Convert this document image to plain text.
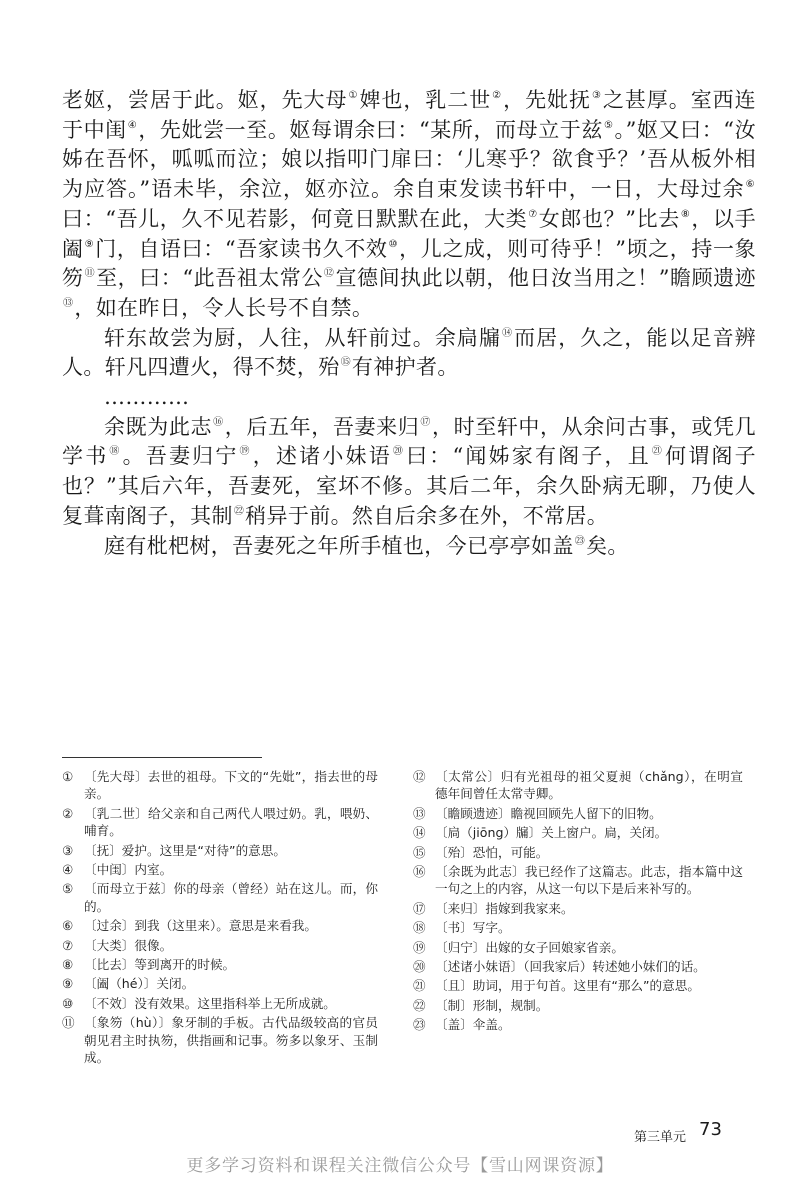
老妪，尝居于此。妪，先大母①婢也，乳二世②，先妣抚③之甚厚。室西连于中闺④，先妣尝一至。妪每谓余曰：“某所，而母立于兹⑤。”妪又曰：“汝姊在吾怀，呱呱而泣；娘以指叩门扉曰：‘儿寒乎？欲食乎？’吾从板外相为应答。”语未毕，余泣，妪亦泣。余自束发读书轩中，一日，大母过余⑥曰：“吾儿，久不见若影，何竟日默默在此，大类⑦女郎也？”比去⑧，以手阖⑨门，自语曰：“吾家读书久不效⑩，儿之成，则可待乎！”顷之，持一象笏⑪至，曰：“此吾祖太常公⑫宣德间执此以朝，他日汝当用之！”瞻顾遗迹⑬，如在昨日，令人长号不自禁。

轩东故尝为厨，人往，从轩前过。余扃牖⑭而居，久之，能以足音辨人。轩凡四遭火，得不焚，殆⑮有神护者。

…………

余既为此志⑯，后五年，吾妻来归⑰，时至轩中，从余问古事，或凭几学书⑱。吾妻归宁⑲，述诸小妹语⑳曰：“闻姊家有阁子，且$^㉑$何谓阁子也？”其后六年，吾妻死，室坏不修。其后二年，余久卧病无聊，乃使人复葺南阁子，其制$^㉒$稍异于前。然自后余多在外，不常居。

庭有枇杷树，吾妻死之年所手植也，今已亭亭如盖$^㉓$矣。

① 〔先大母〕去世的祖母。下文的“先妣”，指去世的母亲。
② 〔乳二世〕给父亲和自己两代人喂过奶。乳，喂奶、哺育。
③ 〔抚〕爱护。这里是“对待”的意思。
④ 〔中闺〕内室。
⑤ 〔而母立于兹〕你的母亲（曾经）站在这儿。而，你的。
⑥ 〔过余〕到我（这里来）。意思是来看我。
⑦ 〔大类〕很像。
⑧ 〔比去〕等到离开的时候。
⑨ 〔阖（hé）〕关闭。
⑩ 〔不效〕没有效果。这里指科举上无所成就。
⑪ 〔象笏（hù）〕象牙制的手板。古代品级较高的官员朝见君主时执笏，供指画和记事。笏多以象牙、玉制成。
⑫ 〔太常公〕归有光祖母的祖父夏昶（chǎng），在明宣德年间曾任太常寺卿。
⑬ 〔瞻顾遗迹〕瞻视回顾先人留下的旧物。
⑭ 〔扃（jiōng）牖〕关上窗户。扃，关闭。
⑮ 〔殆〕恐怕，可能。
⑯ 〔余既为此志〕我已经作了这篇志。此志，指本篇中这一句之上的内容，从这一句以下是后来补写的。
⑰ 〔来归〕指嫁到我家来。
⑱ 〔书〕写字。
⑲ 〔归宁〕出嫁的女子回娘家省亲。
⑳ 〔述诸小妹语〕（回我家后）转述她小妹们的话。
㉑ 〔且〕助词，用于句首。这里有“那么”的意思。
㉒ 〔制〕形制，规制。
㉓ 〔盖〕伞盖。
第三单元 73
更多学习资料和课程关注微信公众号【雪山网课资源】
